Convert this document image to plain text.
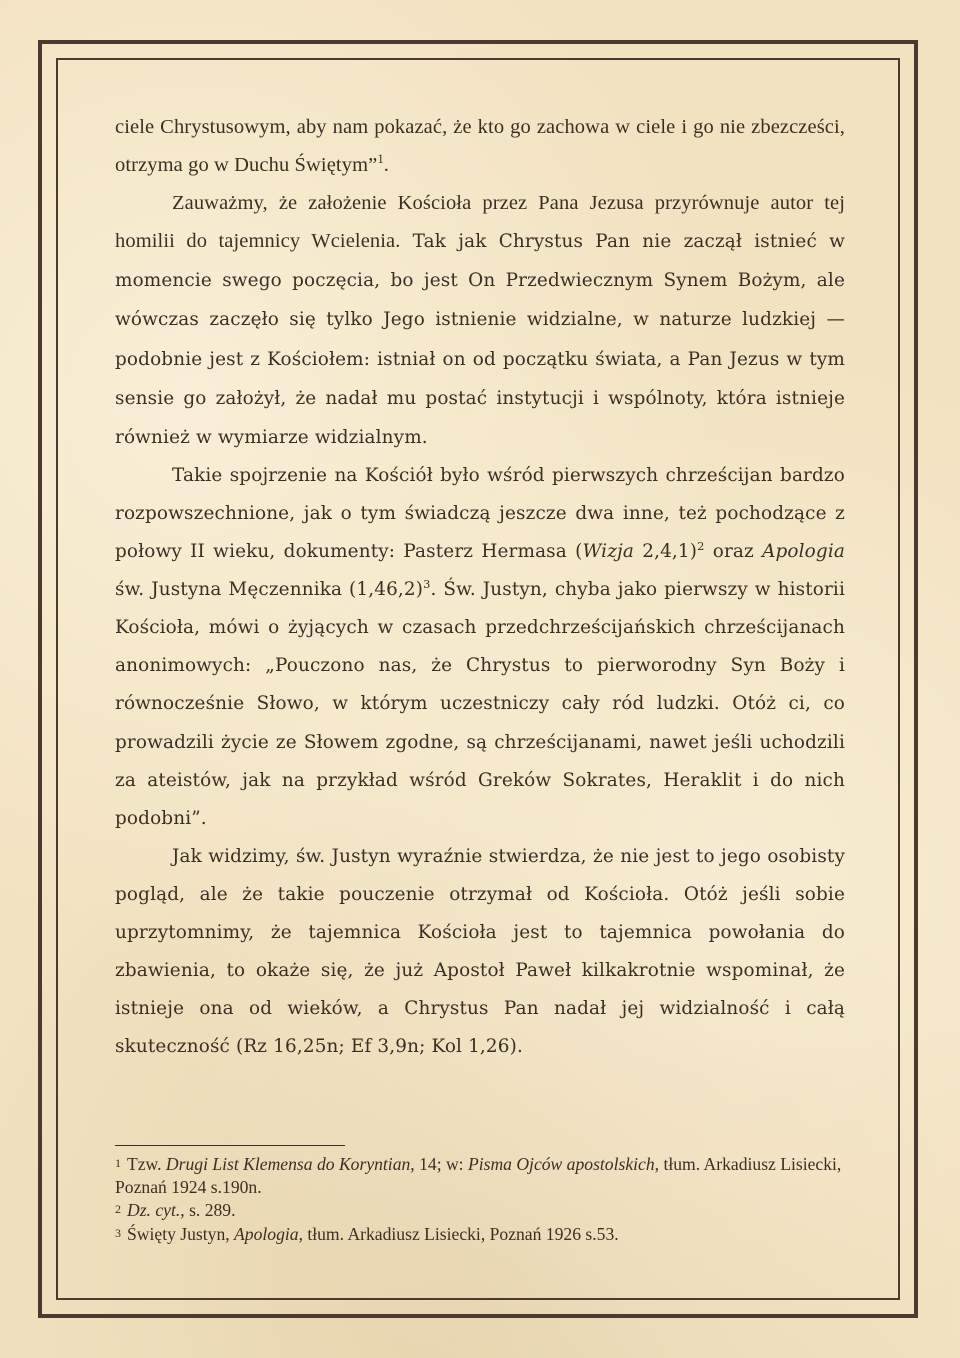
ciele Chrystusowym, aby nam pokazać, że kto go zachowa w ciele i go nie zbezcześci, otrzyma go w Duchu Świętym”$^1$.

Zauważmy, że założenie Kościoła przez Pana Jezusa przyrównuje autor tej homilii do tajemnicy Wcielenia. Tak jak Chrystus Pan nie zaczął istnieć w momencie swego poczęcia, bo jest On Przedwiecznym Synem Bożym, ale wówczas zaczęło się tylko Jego istnienie widzialne, w naturze ludzkiej — podobnie jest z Kościołem: istniał on od początku świata, a Pan Jezus w tym sensie go założył, że nadał mu postać instytucji i wspólnoty, która istnieje również w wymiarze widzialnym.

Takie spojrzenie na Kościół było wśród pierwszych chrześcijan bardzo rozpowszechnione, jak o tym świadczą jeszcze dwa inne, też pochodzące z połowy II wieku, dokumenty: Pasterz Hermasa (Wizja 2,4,1)$^2$ oraz Apologia św. Justyna Męczennika $(1,46,2)^3$. Św. Justyn, chyba jako pierwszy w historii Kościoła, mówi o żyjących w czasach przedchrześcijańskich chrześcijanach anonimowych: „Pouczono nas, że Chrystus to pierworodny Syn Boży i równocześnie Słowo, w którym uczestniczy cały ród ludzki. Otóż ci, co prowadzili życie ze Słowem zgodne, są chrześcijanami, nawet jeśli uchodzili za ateistów, jak na przykład wśród Greków Sokrates, Heraklit i do nich podobni”.

Jak widzimy, św. Justyn wyraźnie stwierdza, że nie jest to jego osobisty pogląd, ale że takie pouczenie otrzymał od Kościoła. Otóż jeśli sobie uprzytomnimy, że tajemnica Kościoła jest to tajemnica powołania do zbawienia, to okaże się, że już Apostoł Paweł kilkakrotnie wspominał, że istnieje ona od wieków, a Chrystus Pan nadał jej widzialność i całą skuteczność (Rz 16,25n; Ef 3,9n; Kol 1,26).

1 Tzw. Drugi List Klemensa do Koryntian, 14; w: Pisma Ojców apostolskich, tłum. Arkadiusz Lisiecki, Poznań 1924 s.190n.

2 Dz. cyt., s. 289.

3 Święty Justyn, Apologia, tłum. Arkadiusz Lisiecki, Poznań 1926 s.53.
